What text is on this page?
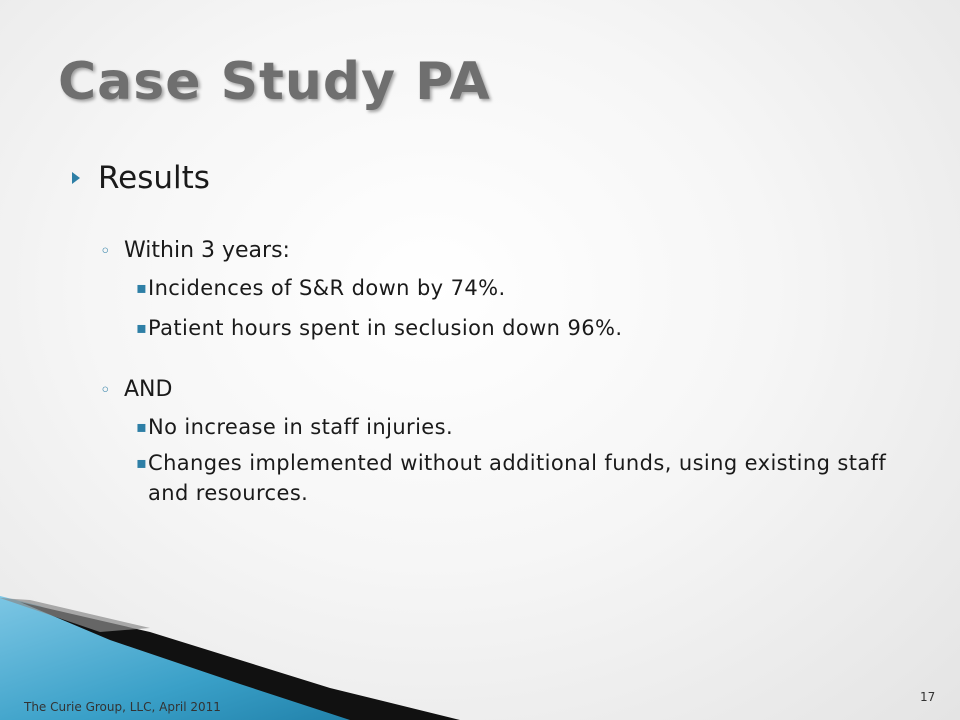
Case Study PA
Results
◦ Within 3 years:
▪ Incidences of S&R down by 74%.
▪ Patient hours spent in seclusion down 96%.
◦ AND
▪ No increase in staff injuries.
▪ Changes implemented without additional funds, using existing staff and resources.
The Curie Group, LLC, April 2011
17
